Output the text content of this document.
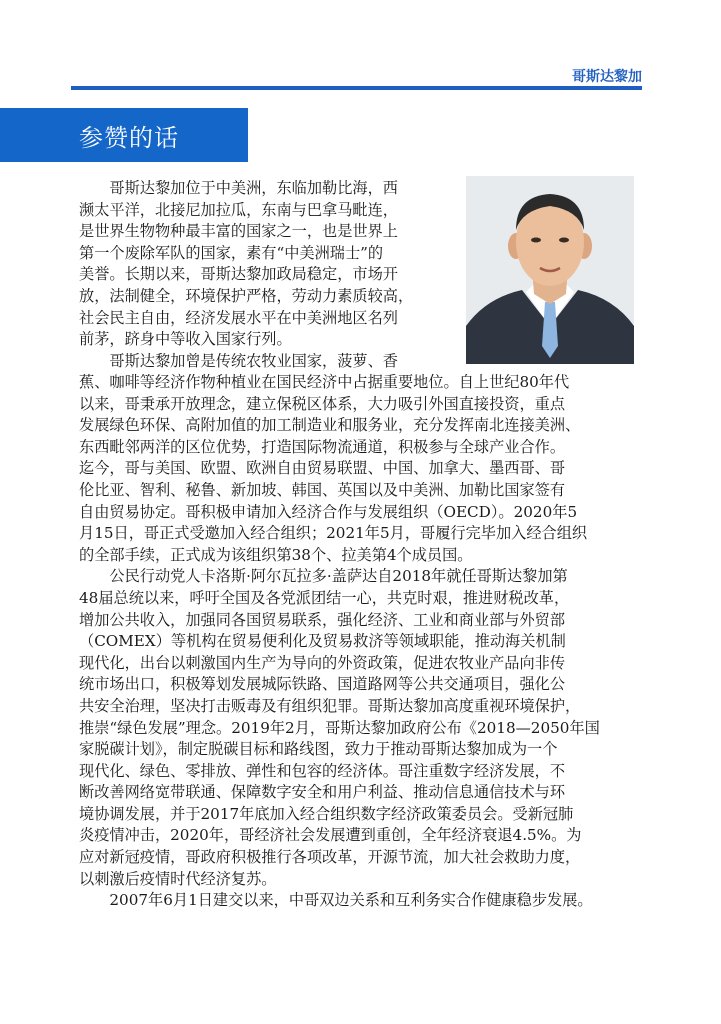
哥斯达黎加
参赞的话
　　哥斯达黎加位于中美洲，东临加勒比海，西
濒太平洋，北接尼加拉瓜，东南与巴拿马毗连，
是世界生物物种最丰富的国家之一，也是世界上
第一个废除军队的国家，素有“中美洲瑞士”的
美誉。长期以来，哥斯达黎加政局稳定，市场开
放，法制健全，环境保护严格，劳动力素质较高，
社会民主自由，经济发展水平在中美洲地区名列
前茅，跻身中等收入国家行列。
　　哥斯达黎加曾是传统农牧业国家，菠萝、香
蕉、咖啡等经济作物种植业在国民经济中占据重要地位。自上世纪80年代
以来，哥秉承开放理念，建立保税区体系，大力吸引外国直接投资，重点
发展绿色环保、高附加值的加工制造业和服务业，充分发挥南北连接美洲、
东西毗邻两洋的区位优势，打造国际物流通道，积极参与全球产业合作。
迄今，哥与美国、欧盟、欧洲自由贸易联盟、中国、加拿大、墨西哥、哥
伦比亚、智利、秘鲁、新加坡、韩国、英国以及中美洲、加勒比国家签有
自由贸易协定。哥积极申请加入经济合作与发展组织（OECD）。2020年5
月15日，哥正式受邀加入经合组织；2021年5月，哥履行完毕加入经合组织
的全部手续，正式成为该组织第38个、拉美第4个成员国。
　　公民行动党人卡洛斯·阿尔瓦拉多·盖萨达自2018年就任哥斯达黎加第
48届总统以来，呼吁全国及各党派团结一心，共克时艰，推进财税改革，
增加公共收入，加强同各国贸易联系，强化经济、工业和商业部与外贸部
（COMEX）等机构在贸易便利化及贸易救济等领域职能，推动海关机制
现代化，出台以刺激国内生产为导向的外资政策，促进农牧业产品向非传
统市场出口，积极筹划发展城际铁路、国道路网等公共交通项目，强化公
共安全治理，坚决打击贩毒及有组织犯罪。哥斯达黎加高度重视环境保护，
推崇“绿色发展”理念。2019年2月，哥斯达黎加政府公布《2018—2050年国
家脱碳计划》，制定脱碳目标和路线图，致力于推动哥斯达黎加成为一个
现代化、绿色、零排放、弹性和包容的经济体。哥注重数字经济发展，不
断改善网络宽带联通、保障数字安全和用户利益、推动信息通信技术与环
境协调发展，并于2017年底加入经合组织数字经济政策委员会。受新冠肺
炎疫情冲击，2020年，哥经济社会发展遭到重创，全年经济衰退4.5%。为
应对新冠疫情，哥政府积极推行各项改革，开源节流，加大社会救助力度，
以刺激后疫情时代经济复苏。
　　2007年6月1日建交以来，中哥双边关系和互利务实合作健康稳步发展。
